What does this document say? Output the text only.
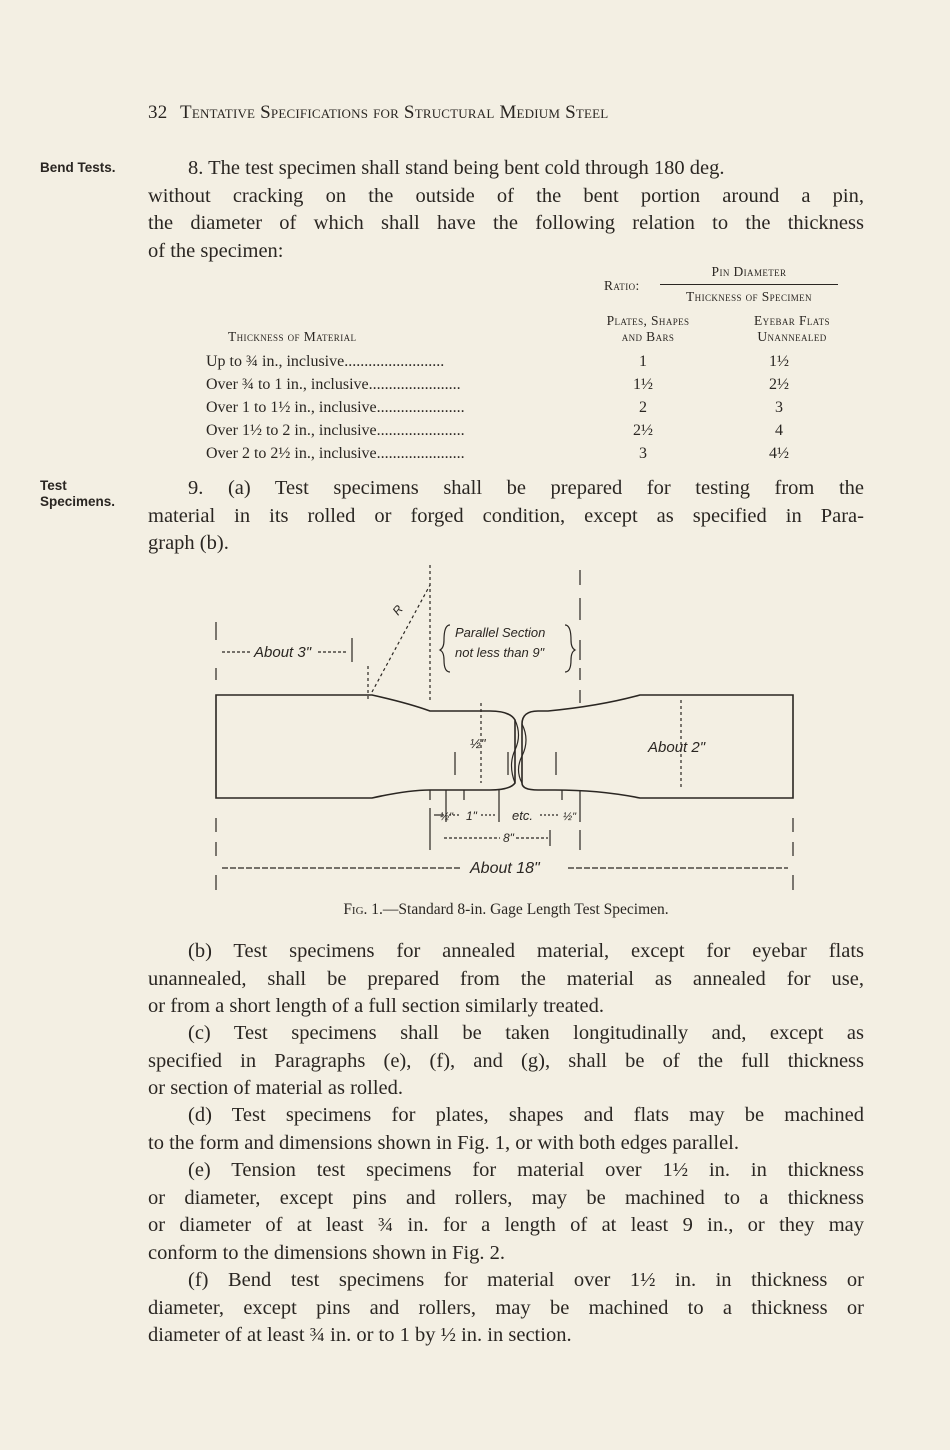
32 Tentative Specifications for Structural Medium Steel
Bend Tests.
Test
Specimens.
8. The test specimen shall stand being bent cold through 180 deg.
without cracking on the outside of the bent portion around a pin,
the diameter of which shall have the following relation to the thickness
of the specimen:
Ratio:
Pin Diameter
Thickness of Specimen
Thickness of Material
Plates, Shapes
and Bars
Eyebar Flats
Unannealed
Up to ¾ in., inclusive.........................	1	1½
Over ¾ to 1 in., inclusive.......................	1½	2½
Over 1 to 1½ in., inclusive......................	2	3
Over 1½ to 2 in., inclusive......................	2½	4
Over 2 to 2½ in., inclusive......................	3	4½
9. (a) Test specimens shall be prepared for testing from the
material in its rolled or forged condition, except as specified in Para-
graph (b).
About 3"
Parallel Section
not less than 9"
R
½"	About 2"
½" 1"	etc.	½"
8"
About 18"
Fig. 1.—Standard 8-in. Gage Length Test Specimen.
(b) Test specimens for annealed material, except for eyebar flats
unannealed, shall be prepared from the material as annealed for use,
or from a short length of a full section similarly treated.
(c) Test specimens shall be taken longitudinally and, except as
specified in Paragraphs (e), (f), and (g), shall be of the full thickness
or section of material as rolled.
(d) Test specimens for plates, shapes and flats may be machined
to the form and dimensions shown in Fig. 1, or with both edges parallel.
(e) Tension test specimens for material over 1½ in. in thickness
or diameter, except pins and rollers, may be machined to a thickness
or diameter of at least ¾ in. for a length of at least 9 in., or they may
conform to the dimensions shown in Fig. 2.
(f) Bend test specimens for material over 1½ in. in thickness or
diameter, except pins and rollers, may be machined to a thickness or
diameter of at least ¾ in. or to 1 by ½ in. in section.
